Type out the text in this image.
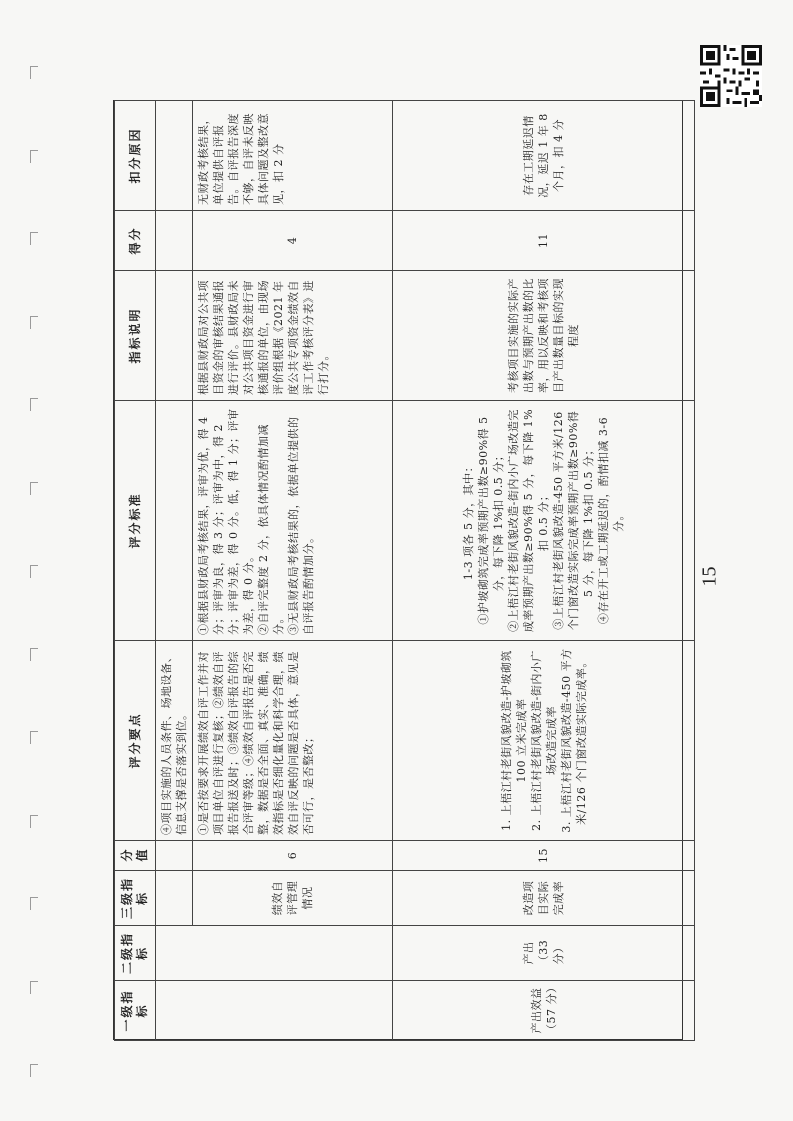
15
一级指标	二级指标	三级指标	分值	评分要点	评分标准	指标说明	得分	扣分原因
				④项目实施的人员条件、场地设备、信息支撑是否落实到位。				
		绩效自评管理情况	6	①是否按要求开展绩效自评工作并对项目单位自评进行复核；②绩效自评报告报送及时；③绩效自评报告的综合评审等级；④绩效自评报告是否完整，数据是否全面、真实、准确，绩效指标是否细化量化和科学合理，绩效自评反映的问题是否具体，意见是否可行，是否整改；	①根据县财政局考核结果，评审为优，得 4 分；评审为良，得 3 分；评审为中，得 2 分；评审为差，得 0 分。低，得 1 分；评审为差，得 0 分。 ②自评完整度 2 分，依具体情况酌情加减分。 ③无县财政局考核结果的，依据单位提供的自评报告酌情加分。	根据县财政局对公共项目资金的审核结果通报进行评价。县财政局未对公共项目资金进行审核通报的单位，由现场评价组根据《2021 年度公共专项资金绩效自评工作考核评分表》进行打分。	4	无财政考核结果，单位提供自评报告。自评报告深度不够，自评未反映具体问题及整改意见，扣 2 分
产出效益（57 分）	产出（33 分）	改造项目实际完成率	15	1. 上梧江村老街风貌改造-护坡砌筑 100 立米完成率 2. 上梧江村老街风貌改造-街内小广场改造完成率 3. 上梧江村老街风貌改造-450 平方米/126 个门窗改造实际完成率。	1-3 项各 5 分，其中： ①护坡砌筑完成率预期产出数≥90%得 5 分，每下降 1%扣 0.5 分； ②上梧江村老街风貌改造-街内小广场改造完成率预期产出数≥90%得 5 分，每下降 1%扣 0.5 分； ③上梧江村老街风貌改造-450 平方米/126 个门窗改造实际完成率预期产出数≥90%得 5 分，每下降 1%扣 0.5 分； ④存在开工或工期延迟的，酌情扣减 3-6 分。	考核项目实施的实际产出数与预期产出数的比率，用以反映和考核项目产出数量目标的实现程度	11	存在工期延迟情况，延迟 1 年 8 个月，扣 4 分
